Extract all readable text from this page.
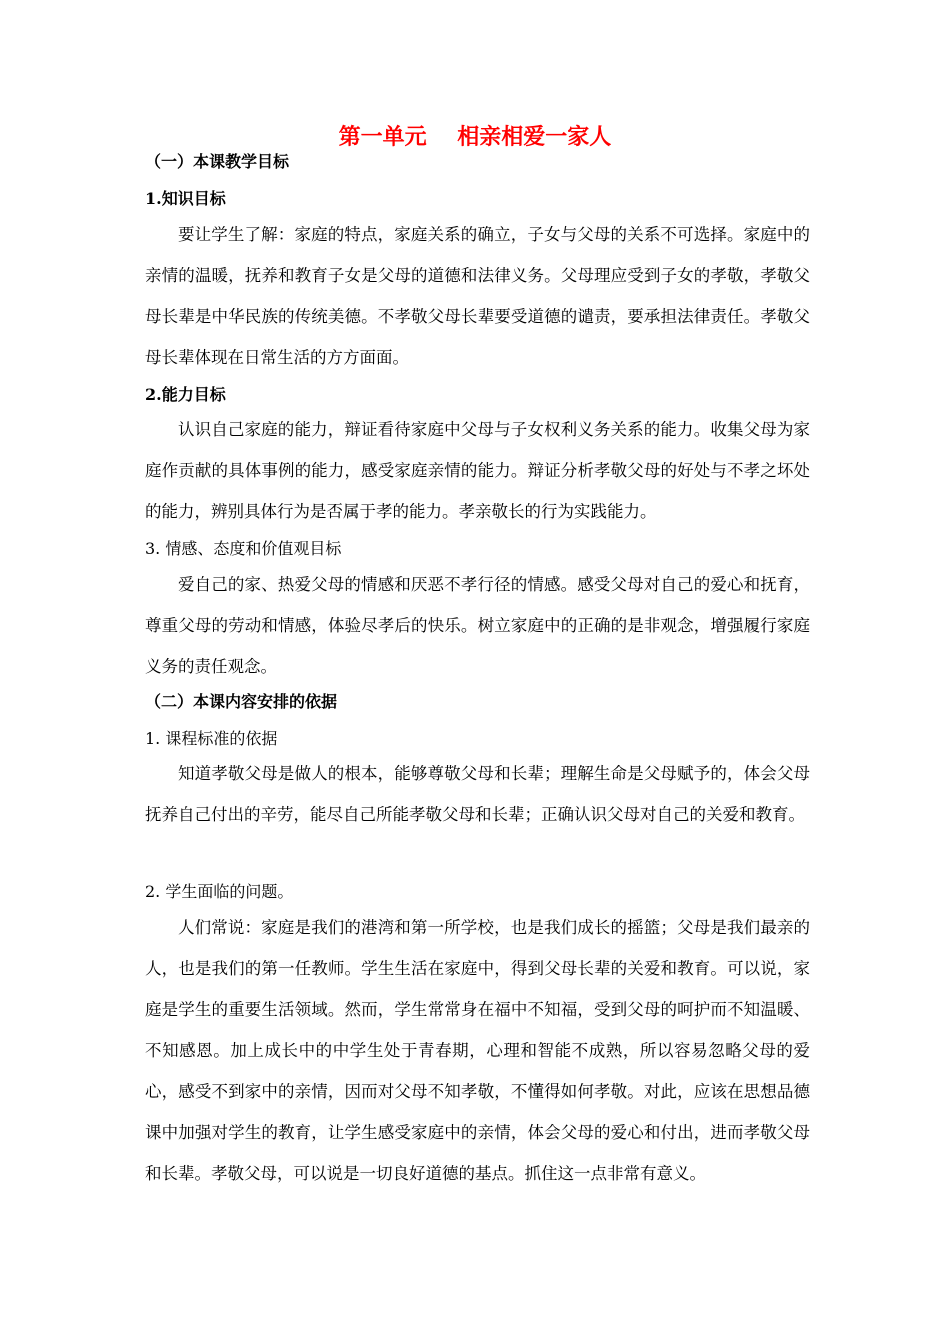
第一单元    相亲相爱一家人
（一）本课教学目标
1.知识目标

要让学生了解：家庭的特点，家庭关系的确立，子女与父母的关系不可选择。家庭中的亲情的温暖，抚养和教育子女是父母的道德和法律义务。父母理应受到子女的孝敬，孝敬父母长辈是中华民族的传统美德。不孝敬父母长辈要受道德的谴责，要承担法律责任。孝敬父母长辈体现在日常生活的方方面面。

2.能力目标

认识自己家庭的能力，辩证看待家庭中父母与子女权利义务关系的能力。收集父母为家庭作贡献的具体事例的能力，感受家庭亲情的能力。辩证分析孝敬父母的好处与不孝之坏处的能力，辨别具体行为是否属于孝的能力。孝亲敬长的行为实践能力。

3. 情感、态度和价值观目标

爱自己的家、热爱父母的情感和厌恶不孝行径的情感。感受父母对自己的爱心和抚育，尊重父母的劳动和情感，体验尽孝后的快乐。树立家庭中的正确的是非观念，增强履行家庭义务的责任观念。

（二）本课内容安排的依据
1. 课程标准的依据

知道孝敬父母是做人的根本，能够尊敬父母和长辈；理解生命是父母赋予的，体会父母抚养自己付出的辛劳，能尽自己所能孝敬父母和长辈；正确认识父母对自己的关爱和教育。

2. 学生面临的问题。

人们常说：家庭是我们的港湾和第一所学校，也是我们成长的摇篮；父母是我们最亲的人，也是我们的第一任教师。学生生活在家庭中，得到父母长辈的关爱和教育。可以说，家庭是学生的重要生活领域。然而，学生常常身在福中不知福，受到父母的呵护而不知温暖、不知感恩。加上成长中的中学生处于青春期，心理和智能不成熟，所以容易忽略父母的爱心，感受不到家中的亲情，因而对父母不知孝敬，不懂得如何孝敬。对此，应该在思想品德课中加强对学生的教育，让学生感受家庭中的亲情，体会父母的爱心和付出，进而孝敬父母和长辈。孝敬父母，可以说是一切良好道德的基点。抓住这一点非常有意义。
